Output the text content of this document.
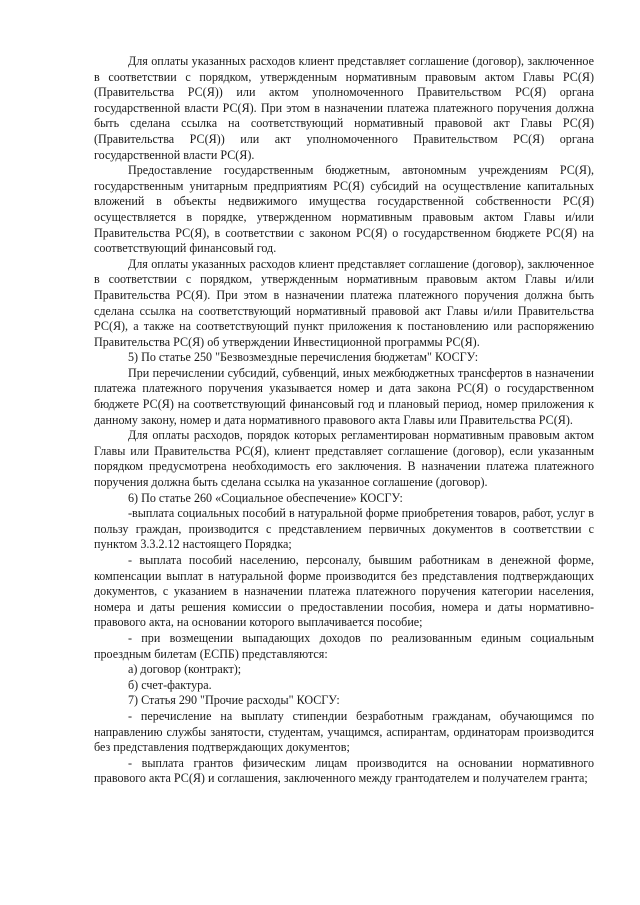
Для оплаты указанных расходов клиент представляет соглашение (договор), заключенное в соответствии с порядком, утвержденным нормативным правовым актом Главы РС(Я) (Правительства РС(Я)) или актом уполномоченного Правительством РС(Я) органа государственной власти РС(Я). При этом в назначении платежа платежного поручения должна быть сделана ссылка на соответствующий нормативный правовой акт Главы РС(Я) (Правительства РС(Я)) или акт уполномоченного Правительством РС(Я) органа государственной власти РС(Я).

Предоставление государственным бюджетным, автономным учреждениям РС(Я), государственным унитарным предприятиям РС(Я) субсидий на осуществление капитальных вложений в объекты недвижимого имущества государственной собственности РС(Я) осуществляется в порядке, утвержденном нормативным правовым актом Главы и/или Правительства РС(Я), в соответствии с законом РС(Я) о государственном бюджете РС(Я) на соответствующий финансовый год.

Для оплаты указанных расходов клиент представляет соглашение (договор), заключенное в соответствии с порядком, утвержденным нормативным правовым актом Главы и/или Правительства РС(Я). При этом в назначении платежа платежного поручения должна быть сделана ссылка на соответствующий нормативный правовой акт Главы и/или Правительства РС(Я), а также на соответствующий пункт приложения к постановлению или распоряжению Правительства РС(Я) об утверждении Инвестиционной программы РС(Я).

5) По статье 250 "Безвозмездные перечисления бюджетам" КОСГУ:

При перечислении субсидий, субвенций, иных межбюджетных трансфертов в назначении платежа платежного поручения указывается номер и дата закона РС(Я) о государственном бюджете РС(Я) на соответствующий финансовый год и плановый период, номер приложения к данному закону, номер и дата нормативного правового акта Главы или Правительства РС(Я).

Для оплаты расходов, порядок которых регламентирован нормативным правовым актом Главы или Правительства РС(Я), клиент представляет соглашение (договор), если указанным порядком предусмотрена необходимость его заключения. В назначении платежа платежного поручения должна быть сделана ссылка на указанное соглашение (договор).

6) По статье 260 «Социальное обеспечение» КОСГУ:

-выплата социальных пособий в натуральной форме приобретения товаров, работ, услуг в пользу граждан, производится с представлением первичных документов в соответствии с пунктом 3.3.2.12 настоящего Порядка;

- выплата пособий населению, персоналу, бывшим работникам в денежной форме, компенсации выплат в натуральной форме производится без представления подтверждающих документов, с указанием в назначении платежа платежного поручения категории населения, номера и даты решения комиссии о предоставлении пособия, номера и даты нормативно-правового акта, на основании которого выплачивается пособие;

- при возмещении выпадающих доходов по реализованным единым социальным проездным билетам (ЕСПБ) представляются:

а) договор (контракт);

б) счет-фактура.

7) Статья 290 "Прочие расходы" КОСГУ:

- перечисление на выплату стипендии безработным гражданам, обучающимся по направлению службы занятости, студентам, учащимся, аспирантам, ординаторам производится без представления подтверждающих документов;

- выплата грантов физическим лицам производится на основании нормативного правового акта РС(Я) и соглашения, заключенного между грантодателем и получателем гранта;
